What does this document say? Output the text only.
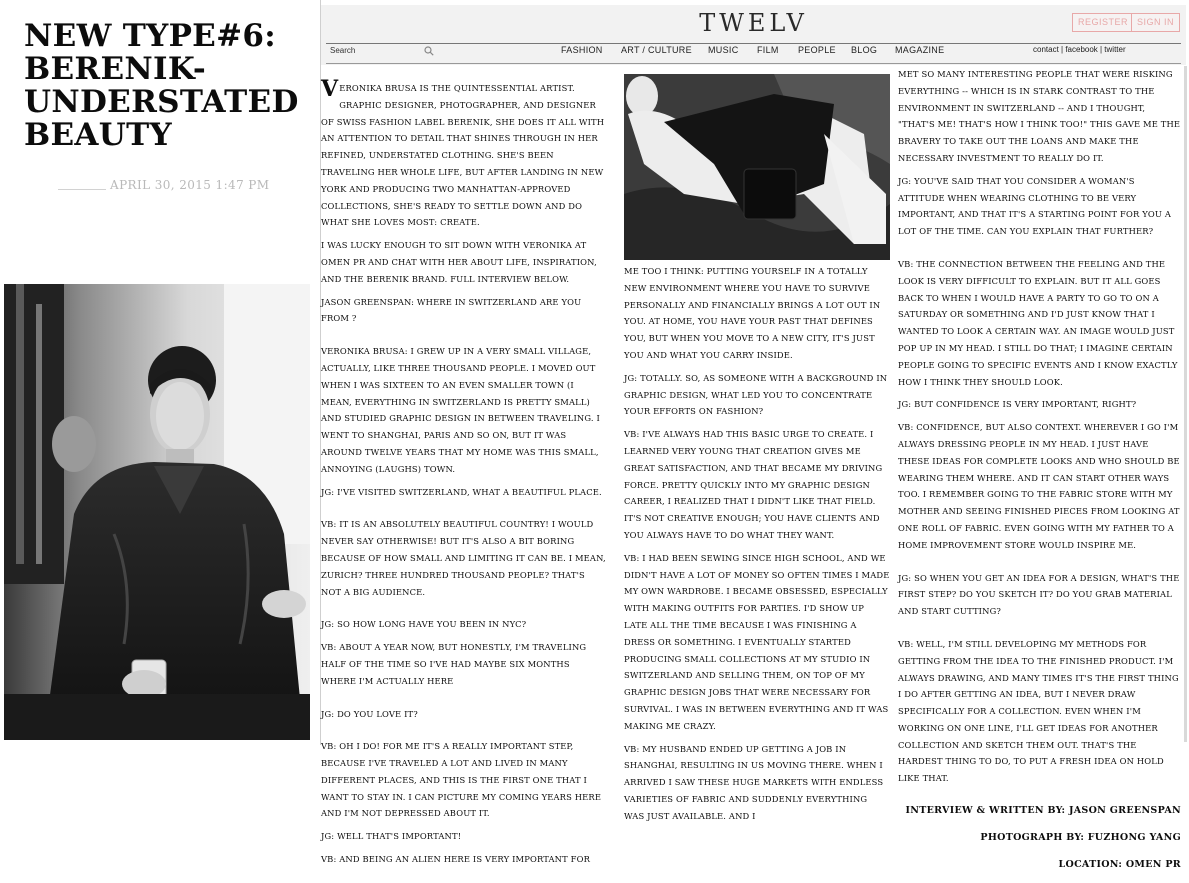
NEW TYPE#6:
BERENIK-
UNDERSTATED
BEAUTY
APRIL 30, 2015 1:47 PM
TWELV	REGISTER SIGN IN
Search	FASHION ART / CULTURE MUSIC FILM PEOPLE BLOG MAGAZINE	contact | facebook | twitter

VERONIKA BRUSA IS THE QUINTESSENTIAL ARTIST. GRAPHIC DESIGNER, PHOTOGRAPHER, AND DESIGNER OF SWISS FASHION LABEL BERENIK, SHE DOES IT ALL WITH AN ATTENTION TO DETAIL THAT SHINES THROUGH IN HER REFINED, UNDERSTATED CLOTHING. SHE'S BEEN TRAVELING HER WHOLE LIFE, BUT AFTER LANDING IN NEW YORK AND PRODUCING TWO MANHATTAN-APPROVED COLLECTIONS, SHE'S READY TO SETTLE DOWN AND DO WHAT SHE LOVES MOST: CREATE.

I WAS LUCKY ENOUGH TO SIT DOWN WITH VERONIKA AT OMEN PR AND CHAT WITH HER ABOUT LIFE, INSPIRATION, AND THE BERENIK BRAND. FULL INTERVIEW BELOW.

JASON GREENSPAN: WHERE IN SWITZERLAND ARE YOU FROM ?

VERONIKA BRUSA: I GREW UP IN A VERY SMALL VILLAGE, ACTUALLY, LIKE THREE THOUSAND PEOPLE. I MOVED OUT WHEN I WAS SIXTEEN TO AN EVEN SMALLER TOWN (I MEAN, EVERYTHING IN SWITZERLAND IS PRETTY SMALL) AND STUDIED GRAPHIC DESIGN IN BETWEEN TRAVELING. I WENT TO SHANGHAI, PARIS AND SO ON, BUT IT WAS AROUND TWELVE YEARS THAT MY HOME WAS THIS SMALL, ANNOYING (LAUGHS) TOWN.

JG: I'VE VISITED SWITZERLAND, WHAT A BEAUTIFUL PLACE.

VB: IT IS AN ABSOLUTELY BEAUTIFUL COUNTRY! I WOULD NEVER SAY OTHERWISE! BUT IT'S ALSO A BIT BORING BECAUSE OF HOW SMALL AND LIMITING IT CAN BE. I MEAN, ZURICH? THREE HUNDRED THOUSAND PEOPLE? THAT'S NOT A BIG AUDIENCE.

JG: SO HOW LONG HAVE YOU BEEN IN NYC?

VB: ABOUT A YEAR NOW, BUT HONESTLY, I'M TRAVELING HALF OF THE TIME SO I'VE HAD MAYBE SIX MONTHS WHERE I'M ACTUALLY HERE

JG: DO YOU LOVE IT?

VB: OH I DO! FOR ME IT'S A REALLY IMPORTANT STEP, BECAUSE I'VE TRAVELED A LOT AND LIVED IN MANY DIFFERENT PLACES, AND THIS IS THE FIRST ONE THAT I WANT TO STAY IN. I CAN PICTURE MY COMING YEARS HERE AND I'M NOT DEPRESSED ABOUT IT.

JG: WELL THAT'S IMPORTANT!

VB: AND BEING AN ALIEN HERE IS VERY IMPORTANT FOR

ME TOO I THINK: PUTTING YOURSELF IN A TOTALLY NEW ENVIRONMENT WHERE YOU HAVE TO SURVIVE PERSONALLY AND FINANCIALLY BRINGS A LOT OUT IN YOU. AT HOME, YOU HAVE YOUR PAST THAT DEFINES YOU, BUT WHEN YOU MOVE TO A NEW CITY, IT'S JUST YOU AND WHAT YOU CARRY INSIDE.

JG: TOTALLY. SO, AS SOMEONE WITH A BACKGROUND IN GRAPHIC DESIGN, WHAT LED YOU TO CONCENTRATE YOUR EFFORTS ON FASHION?

VB: I'VE ALWAYS HAD THIS BASIC URGE TO CREATE. I LEARNED VERY YOUNG THAT CREATION GIVES ME GREAT SATISFACTION, AND THAT BECAME MY DRIVING FORCE. PRETTY QUICKLY INTO MY GRAPHIC DESIGN CAREER, I REALIZED THAT I DIDN'T LIKE THAT FIELD. IT'S NOT CREATIVE ENOUGH; YOU HAVE CLIENTS AND YOU ALWAYS HAVE TO DO WHAT THEY WANT.

VB: I HAD BEEN SEWING SINCE HIGH SCHOOL, AND WE DIDN'T HAVE A LOT OF MONEY SO OFTEN TIMES I MADE MY OWN WARDROBE. I BECAME OBSESSED, ESPECIALLY WITH MAKING OUTFITS FOR PARTIES. I'D SHOW UP LATE ALL THE TIME BECAUSE I WAS FINISHING A DRESS OR SOMETHING. I EVENTUALLY STARTED PRODUCING SMALL COLLECTIONS AT MY STUDIO IN SWITZERLAND AND SELLING THEM, ON TOP OF MY GRAPHIC DESIGN JOBS THAT WERE NECESSARY FOR SURVIVAL. I WAS IN BETWEEN EVERYTHING AND IT WAS MAKING ME CRAZY.

VB: MY HUSBAND ENDED UP GETTING A JOB IN SHANGHAI, RESULTING IN US MOVING THERE. WHEN I ARRIVED I SAW THESE HUGE MARKETS WITH ENDLESS VARIETIES OF FABRIC AND SUDDENLY EVERYTHING WAS JUST AVAILABLE. AND I

MET SO MANY INTERESTING PEOPLE THAT WERE RISKING EVERYTHING -- WHICH IS IN STARK CONTRAST TO THE ENVIRONMENT IN SWITZERLAND -- AND I THOUGHT, "THAT'S ME! THAT'S HOW I THINK TOO!" THIS GAVE ME THE BRAVERY TO TAKE OUT THE LOANS AND MAKE THE NECESSARY INVESTMENT TO REALLY DO IT.

JG: YOU'VE SAID THAT YOU CONSIDER A WOMAN'S ATTITUDE WHEN WEARING CLOTHING TO BE VERY IMPORTANT, AND THAT IT'S A STARTING POINT FOR YOU A LOT OF THE TIME. CAN YOU EXPLAIN THAT FURTHER?

VB: THE CONNECTION BETWEEN THE FEELING AND THE LOOK IS VERY DIFFICULT TO EXPLAIN. BUT IT ALL GOES BACK TO WHEN I WOULD HAVE A PARTY TO GO TO ON A SATURDAY OR SOMETHING AND I'D JUST KNOW THAT I WANTED TO LOOK A CERTAIN WAY. AN IMAGE WOULD JUST POP UP IN MY HEAD. I STILL DO THAT; I IMAGINE CERTAIN PEOPLE GOING TO SPECIFIC EVENTS AND I KNOW EXACTLY HOW I THINK THEY SHOULD LOOK.

JG: BUT CONFIDENCE IS VERY IMPORTANT, RIGHT?

VB: CONFIDENCE, BUT ALSO CONTEXT. WHEREVER I GO I'M ALWAYS DRESSING PEOPLE IN MY HEAD. I JUST HAVE THESE IDEAS FOR COMPLETE LOOKS AND WHO SHOULD BE WEARING THEM WHERE. AND IT CAN START OTHER WAYS TOO. I REMEMBER GOING TO THE FABRIC STORE WITH MY MOTHER AND SEEING FINISHED PIECES FROM LOOKING AT ONE ROLL OF FABRIC. EVEN GOING WITH MY FATHER TO A HOME IMPROVEMENT STORE WOULD INSPIRE ME.

JG: SO WHEN YOU GET AN IDEA FOR A DESIGN, WHAT'S THE FIRST STEP? DO YOU SKETCH IT? DO YOU GRAB MATERIAL AND START CUTTING?

VB: WELL, I'M STILL DEVELOPING MY METHODS FOR GETTING FROM THE IDEA TO THE FINISHED PRODUCT. I'M ALWAYS DRAWING, AND MANY TIMES IT'S THE FIRST THING I DO AFTER GETTING AN IDEA, BUT I NEVER DRAW SPECIFICALLY FOR A COLLECTION. EVEN WHEN I'M WORKING ON ONE LINE, I'LL GET IDEAS FOR ANOTHER COLLECTION AND SKETCH THEM OUT. THAT'S THE HARDEST THING TO DO, TO PUT A FRESH IDEA ON HOLD LIKE THAT.

INTERVIEW & WRITTEN BY: JASON GREENSPAN
PHOTOGRAPH BY: FUZHONG YANG
LOCATION: OMEN PR
